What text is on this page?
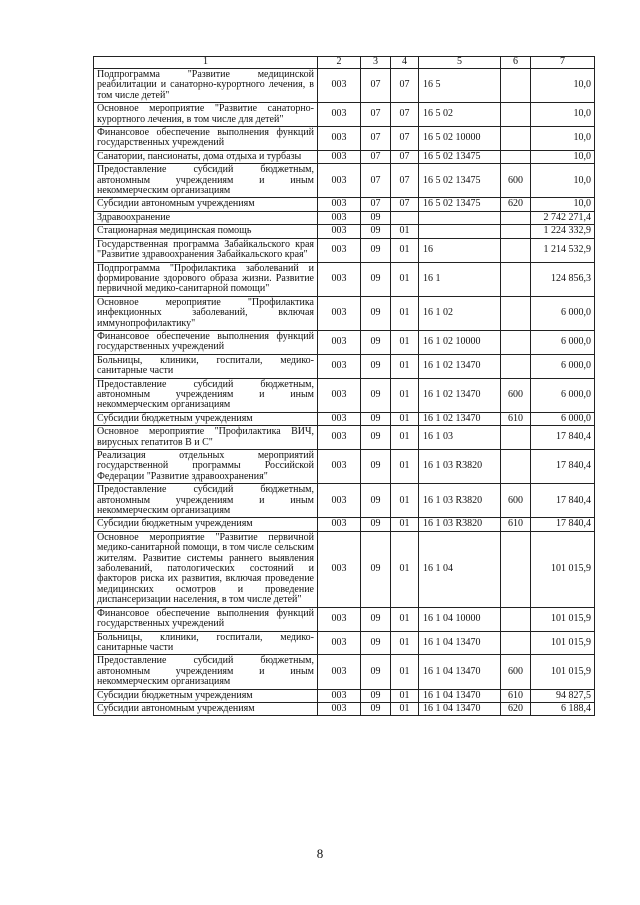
1	2	3	4	5	6	7
Подпрограмма "Развитие медицинской реабилитации и санаторно-курортного лечения, в том числе детей"	003	07	07	16 5		10,0
Основное мероприятие "Развитие санаторно-курортного лечения, в том числе для детей"	003	07	07	16 5 02		10,0
Финансовое обеспечение выполнения функций государственных учреждений	003	07	07	16 5 02 10000		10,0
Санатории, пансионаты, дома отдыха и турбазы	003	07	07	16 5 02 13475		10,0
Предоставление субсидий бюджетным, автономным учреждениям и иным некоммерческим организациям	003	07	07	16 5 02 13475	600	10,0
Субсидии автономным учреждениям	003	07	07	16 5 02 13475	620	10,0
Здравоохранение	003	09				2 742 271,4
Стационарная медицинская помощь	003	09	01			1 224 332,9
Государственная программа Забайкальского края "Развитие здравоохранения Забайкальского края"	003	09	01	16		1 214 532,9
Подпрограмма "Профилактика заболеваний и формирование здорового образа жизни. Развитие первичной медико-санитарной помощи"	003	09	01	16 1		124 856,3
Основное мероприятие "Профилактика инфекционных заболеваний, включая иммунопрофилактику"	003	09	01	16 1 02		6 000,0
Финансовое обеспечение выполнения функций государственных учреждений	003	09	01	16 1 02 10000		6 000,0
Больницы, клиники, госпитали, медико-санитарные части	003	09	01	16 1 02 13470		6 000,0
Предоставление субсидий бюджетным, автономным учреждениям и иным некоммерческим организациям	003	09	01	16 1 02 13470	600	6 000,0
Субсидии бюджетным учреждениям	003	09	01	16 1 02 13470	610	6 000,0
Основное мероприятие "Профилактика ВИЧ, вирусных гепатитов В и С"	003	09	01	16 1 03		17 840,4
Реализация отдельных мероприятий государственной программы Российской Федерации "Развитие здравоохранения"	003	09	01	16 1 03 R3820		17 840,4
Предоставление субсидий бюджетным, автономным учреждениям и иным некоммерческим организациям	003	09	01	16 1 03 R3820	600	17 840,4
Субсидии бюджетным учреждениям	003	09	01	16 1 03 R3820	610	17 840,4
Основное мероприятие "Развитие первичной медико-санитарной помощи, в том числе сельским жителям. Развитие системы раннего выявления заболеваний, патологических состояний и факторов риска их развития, включая проведение медицинских осмотров и проведение диспансеризации населения, в том числе детей"	003	09	01	16 1 04		101 015,9
Финансовое обеспечение выполнения функций государственных учреждений	003	09	01	16 1 04 10000		101 015,9
Больницы, клиники, госпитали, медико-санитарные части	003	09	01	16 1 04 13470		101 015,9
Предоставление субсидий бюджетным, автономным учреждениям и иным некоммерческим организациям	003	09	01	16 1 04 13470	600	101 015,9
Субсидии бюджетным учреждениям	003	09	01	16 1 04 13470	610	94 827,5
Субсидии автономным учреждениям	003	09	01	16 1 04 13470	620	6 188,4
8
